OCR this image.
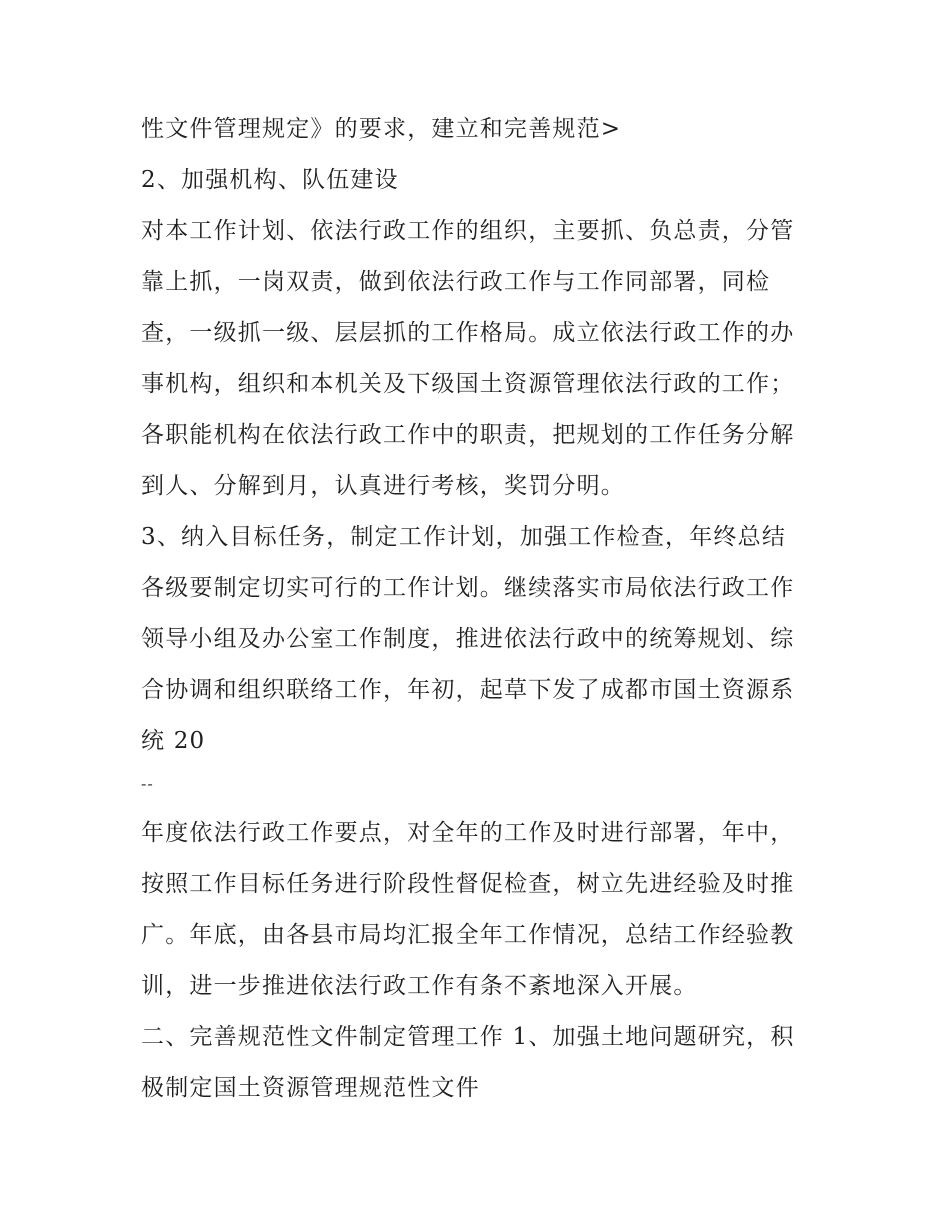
性文件管理规定》的要求，建立和完善规范>
2、加强机构、队伍建设
对本工作计划、依法行政工作的组织，主要抓、负总责，分管
靠上抓，一岗双责，做到依法行政工作与工作同部署，同检
查，一级抓一级、层层抓的工作格局。成立依法行政工作的办
事机构，组织和本机关及下级国土资源管理依法行政的工作；
各职能机构在依法行政工作中的职责，把规划的工作任务分解
到人、分解到月，认真进行考核，奖罚分明。
3、纳入目标任务，制定工作计划，加强工作检查，年终总结
各级要制定切实可行的工作计划。继续落实市局依法行政工作
领导小组及办公室工作制度，推进依法行政中的统筹规划、综
合协调和组织联络工作，年初，起草下发了成都市国土资源系
统 20
--
年度依法行政工作要点，对全年的工作及时进行部署，年中，
按照工作目标任务进行阶段性督促检查，树立先进经验及时推
广。年底，由各县市局均汇报全年工作情况，总结工作经验教
训，进一步推进依法行政工作有条不紊地深入开展。
二、完善规范性文件制定管理工作 1、加强土地问题研究，积
极制定国土资源管理规范性文件
